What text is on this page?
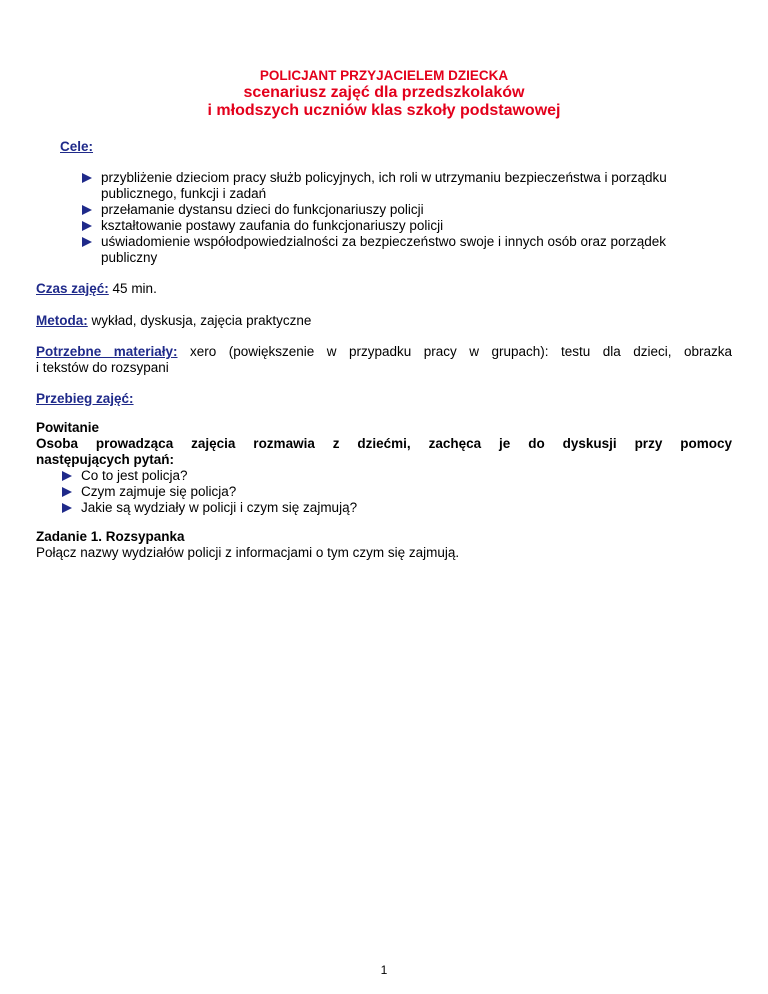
POLICJANT PRZYJACIELEM DZIECKA
scenariusz zajęć dla przedszkolaków
i młodszych uczniów klas szkoły podstawowej
Cele:
przybliżenie dzieciom pracy służb policyjnych, ich roli w utrzymaniu bezpieczeństwa i porządku
publicznego, funkcji i zadań
przełamanie dystansu dzieci do funkcjonariuszy policji
kształtowanie postawy zaufania do funkcjonariuszy policji
uświadomienie współodpowiedzialności za bezpieczeństwo swoje i innych osób oraz porządek
publiczny
Czas zajęć: 45 min.
Metoda: wykład, dyskusja, zajęcia praktyczne
Potrzebne materiały: xero (powiększenie w przypadku pracy w grupach): testu dla dzieci, obrazka
i tekstów do rozsypani
Przebieg zajęć:
Powitanie
Osoba prowadząca zajęcia rozmawia z dziećmi, zachęca je do dyskusji przy pomocy
następujących pytań:
Co to jest policja?
Czym zajmuje się policja?
Jakie są wydziały w policji i czym się zajmują?
Zadanie 1. Rozsypanka
Połącz nazwy wydziałów policji z informacjami o tym czym się zajmują.
1
